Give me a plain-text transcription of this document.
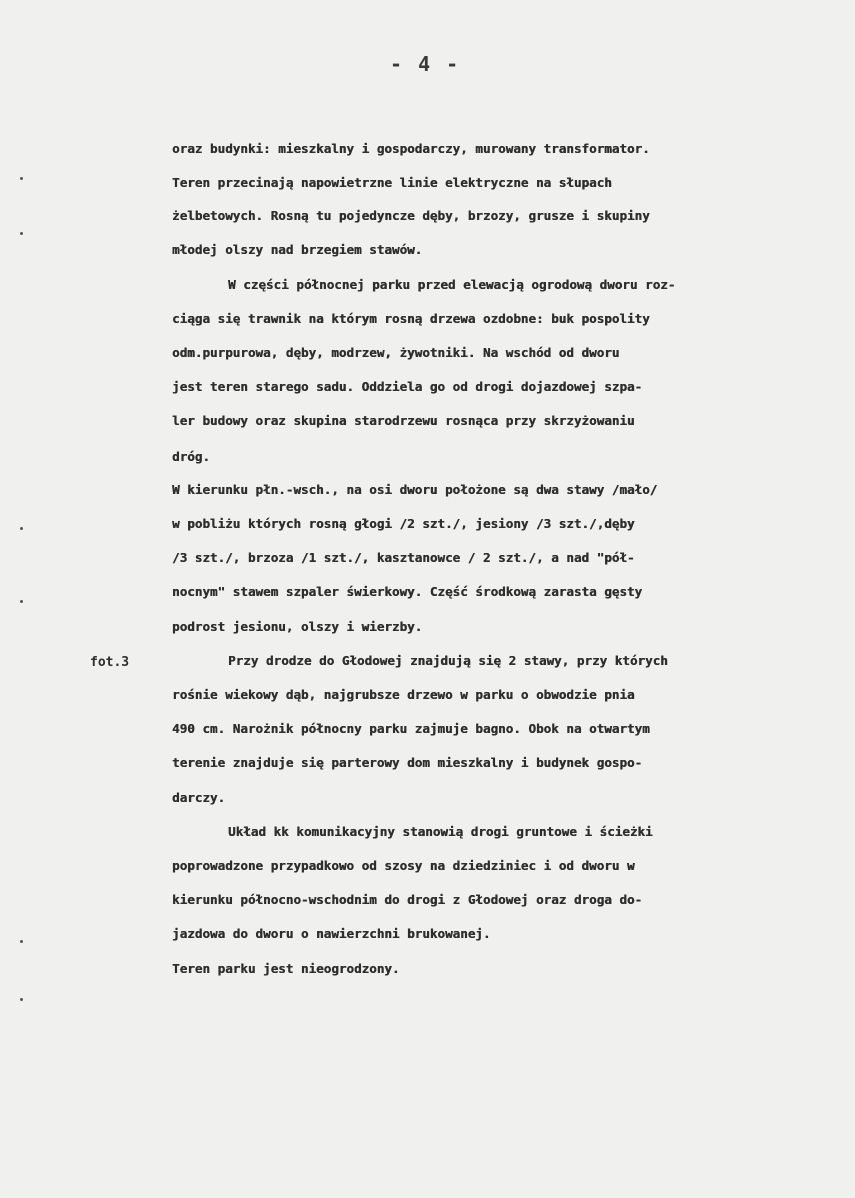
- 4 -
fot.3
oraz budynki: mieszkalny i gospodarczy, murowany transformator.
Teren przecinają napowietrzne linie elektryczne na słupach
żelbetowych. Rosną tu pojedyncze dęby, brzozy, grusze i skupiny
młodej olszy nad brzegiem stawów.
W części północnej parku przed elewacją ogrodową dworu roz-
ciąga się trawnik na którym rosną drzewa ozdobne: buk pospolity
odm.purpurowa, dęby, modrzew, żywotniki. Na wschód od dworu
jest teren starego sadu. Oddziela go od drogi dojazdowej szpa-
ler budowy oraz skupina starodrzewu rosnąca przy skrzyżowaniu
dróg.
W kierunku płn.-wsch., na osi dworu położone są dwa stawy /mało/
w pobliżu których rosną głogi /2 szt./, jesiony /3 szt./,dęby
/3 szt./, brzoza /1 szt./, kasztanowce / 2 szt./, a nad "pół-
nocnym" stawem szpaler świerkowy. Część środkową zarasta gęsty
podrost jesionu, olszy i wierzby.
Przy drodze do Głodowej znajdują się 2 stawy, przy których
rośnie wiekowy dąb, najgrubsze drzewo w parku o obwodzie pnia
490 cm. Narożnik północny parku zajmuje bagno. Obok na otwartym
terenie znajduje się parterowy dom mieszkalny i budynek gospo-
darczy.
Układ kk komunikacyjny stanowią drogi gruntowe i ścieżki
poprowadzone przypadkowo od szosy na dziedziniec i od dworu w
kierunku północno-wschodnim do drogi z Głodowej oraz droga do-
jazdowa do dworu o nawierzchni brukowanej.
Teren parku jest nieogrodzony.
